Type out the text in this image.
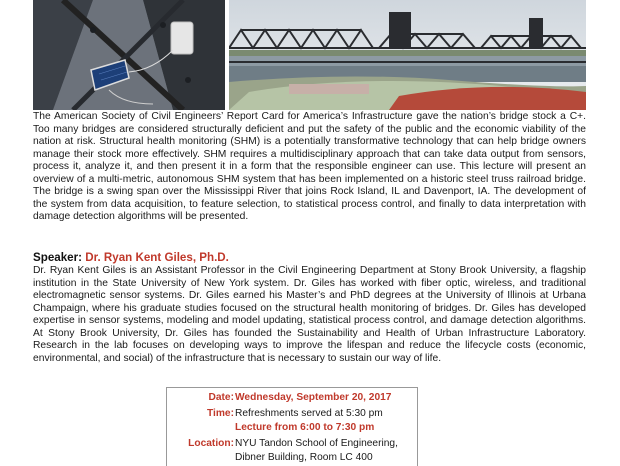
The American Society of Civil Engineers’ Report Card for America’s Infrastructure gave the nation’s bridge stock a C+. Too many bridges are considered structurally deficient and put the safety of the public and the economic viability of the nation at risk. Structural health monitoring (SHM) is a potentially transformative technology that can help bridge owners manage their stock more effectively. SHM requires a multidisciplinary approach that can take data output from sensors, process it, analyze it, and then present it in a form that the responsible engineer can use. This lecture will present an overview of a multi-metric, autonomous SHM system that has been implemented on a historic steel truss railroad bridge. The bridge is a swing span over the Mississippi River that joins Rock Island, IL and Davenport, IA. The development of the system from data acquisition, to feature selection, to statistical process control, and finally to data interpretation with damage detection algorithms will be presented.

Speaker: Dr. Ryan Kent Giles, Ph.D.

Dr. Ryan Kent Giles is an Assistant Professor in the Civil Engineering Department at Stony Brook University, a flagship institution in the State University of New York system. Dr. Giles has worked with fiber optic, wireless, and traditional electromagnetic sensor systems. Dr. Giles earned his Master’s and PhD degrees at the University of Illinois at Urbana Champaign, where his graduate studies focused on the structural health monitoring of bridges. Dr. Giles has developed expertise in sensor systems, modeling and model updating, statistical process control, and damage detection algorithms. At Stony Brook University, Dr. Giles has founded the Sustainability and Health of Urban Infrastructure Laboratory. Research in the lab focuses on developing ways to improve the lifespan and reduce the lifecycle costs (economic, environmental, and social) of the infrastructure that is necessary to sustain our way of life.

Date: Wednesday, September 20, 2017
Time: Refreshments served at 5:30 pm
Lecture from 6:00 to 7:30 pm
Location: NYU Tandon School of Engineering,
Dibner Building, Room LC 400
